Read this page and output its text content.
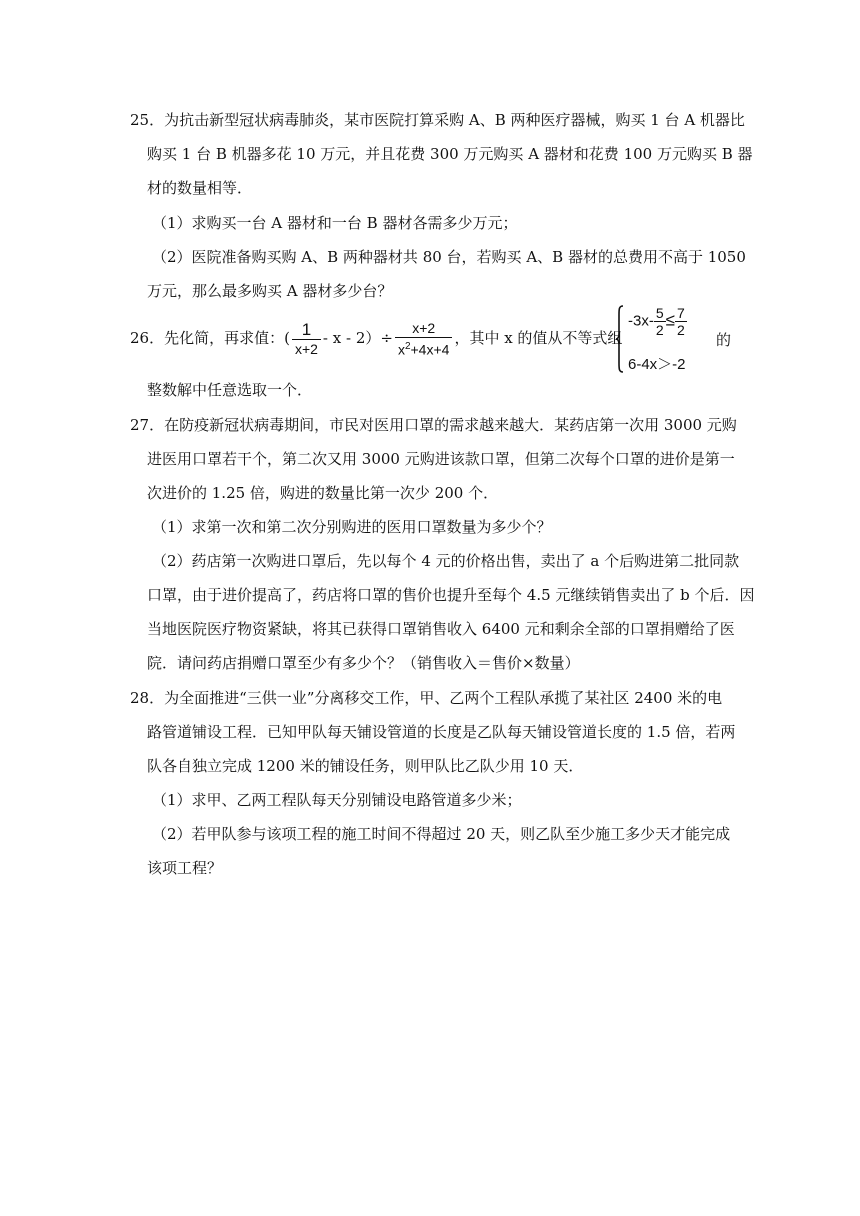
25．为抗击新型冠状病毒肺炎，某市医院打算采购 A、B 两种医疗器械，购买 1 台 A 机器比
购买 1 台 B 机器多花 10 万元，并且花费 300 万元购买 A 器材和花费 100 万元购买 B 器
材的数量相等．
（1）求购买一台 A 器材和一台 B 器材各需多少万元；
（2）医院准备购买购 A、B 两种器材共 80 台，若购买 A、B 器材的总费用不高于 1050
万元，那么最多购买 A 器材多少台？
26．先化简，再求值：( $\frac{1}{x+2} - x - 2)\div \frac{x+2}{x^2+4x+4}$ ，其中 x 的值从不等式组
$-3x- \frac{5}{2} \le \frac{7}{2}$
6-4x＞-2
的
整数解中任意选取一个．
27．在防疫新冠状病毒期间，市民对医用口罩的需求越来越大．某药店第一次用 3000 元购
进医用口罩若干个，第二次又用 3000 元购进该款口罩，但第二次每个口罩的进价是第一
次进价的 1.25 倍，购进的数量比第一次少 200 个．
（1）求第一次和第二次分别购进的医用口罩数量为多少个？
（2）药店第一次购进口罩后，先以每个 4 元的价格出售，卖出了 a 个后购进第二批同款
口罩，由于进价提高了，药店将口罩的售价也提升至每个 4.5 元继续销售卖出了 b 个后．因
当地医院医疗物资紧缺，将其已获得口罩销售收入 6400 元和剩余全部的口罩捐赠给了医
院．请问药店捐赠口罩至少有多少个？（销售收入＝售价×数量）
28．为全面推进“三供一业”分离移交工作，甲、乙两个工程队承揽了某社区 2400 米的电
路管道铺设工程．已知甲队每天铺设管道的长度是乙队每天铺设管道长度的 1.5 倍，若两
队各自独立完成 1200 米的铺设任务，则甲队比乙队少用 10 天．
（1）求甲、乙两工程队每天分别铺设电路管道多少米；
（2）若甲队参与该项工程的施工时间不得超过 20 天，则乙队至少施工多少天才能完成
该项工程？
